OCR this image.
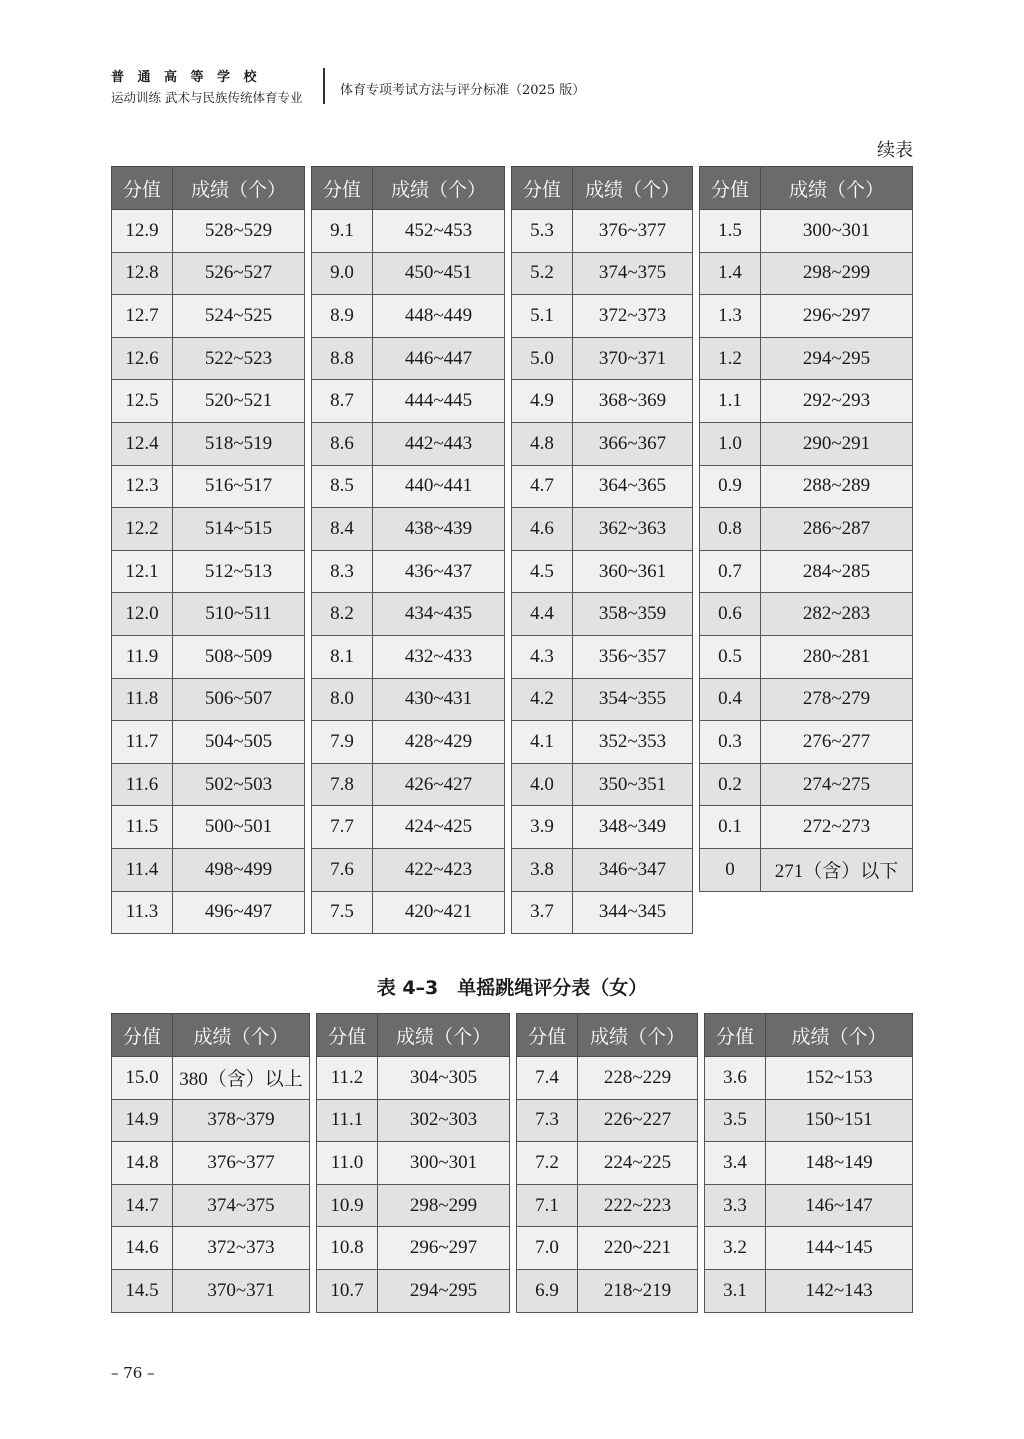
普通高等学校
运动训练 武术与民族传统体育专业	体育专项考试方法与评分标准（2025 版）
续表
分值	成绩（个）
12.9	528~529
12.8	526~527
12.7	524~525
12.6	522~523
12.5	520~521
12.4	518~519
12.3	516~517
12.2	514~515
12.1	512~513
12.0	510~511
11.9	508~509
11.8	506~507
11.7	504~505
11.6	502~503
11.5	500~501
11.4	498~499
11.3	496~497
分值	成绩（个）
9.1	452~453
9.0	450~451
8.9	448~449
8.8	446~447
8.7	444~445
8.6	442~443
8.5	440~441
8.4	438~439
8.3	436~437
8.2	434~435
8.1	432~433
8.0	430~431
7.9	428~429
7.8	426~427
7.7	424~425
7.6	422~423
7.5	420~421
分值	成绩（个）
5.3	376~377
5.2	374~375
5.1	372~373
5.0	370~371
4.9	368~369
4.8	366~367
4.7	364~365
4.6	362~363
4.5	360~361
4.4	358~359
4.3	356~357
4.2	354~355
4.1	352~353
4.0	350~351
3.9	348~349
3.8	346~347
3.7	344~345
分值	成绩（个）
1.5	300~301
1.4	298~299
1.3	296~297
1.2	294~295
1.1	292~293
1.0	290~291
0.9	288~289
0.8	286~287
0.7	284~285
0.6	282~283
0.5	280~281
0.4	278~279
0.3	276~277
0.2	274~275
0.1	272~273
0	271（含）以下
表 4–3　单摇跳绳评分表（女）
分值	成绩（个）
15.0	380（含）以上
14.9	378~379
14.8	376~377
14.7	374~375
14.6	372~373
14.5	370~371
分值	成绩（个）
11.2	304~305
11.1	302~303
11.0	300~301
10.9	298~299
10.8	296~297
10.7	294~295
分值	成绩（个）
7.4	228~229
7.3	226~227
7.2	224~225
7.1	222~223
7.0	220~221
6.9	218~219
分值	成绩（个）
3.6	152~153
3.5	150~151
3.4	148~149
3.3	146~147
3.2	144~145
3.1	142~143
– 76 –
